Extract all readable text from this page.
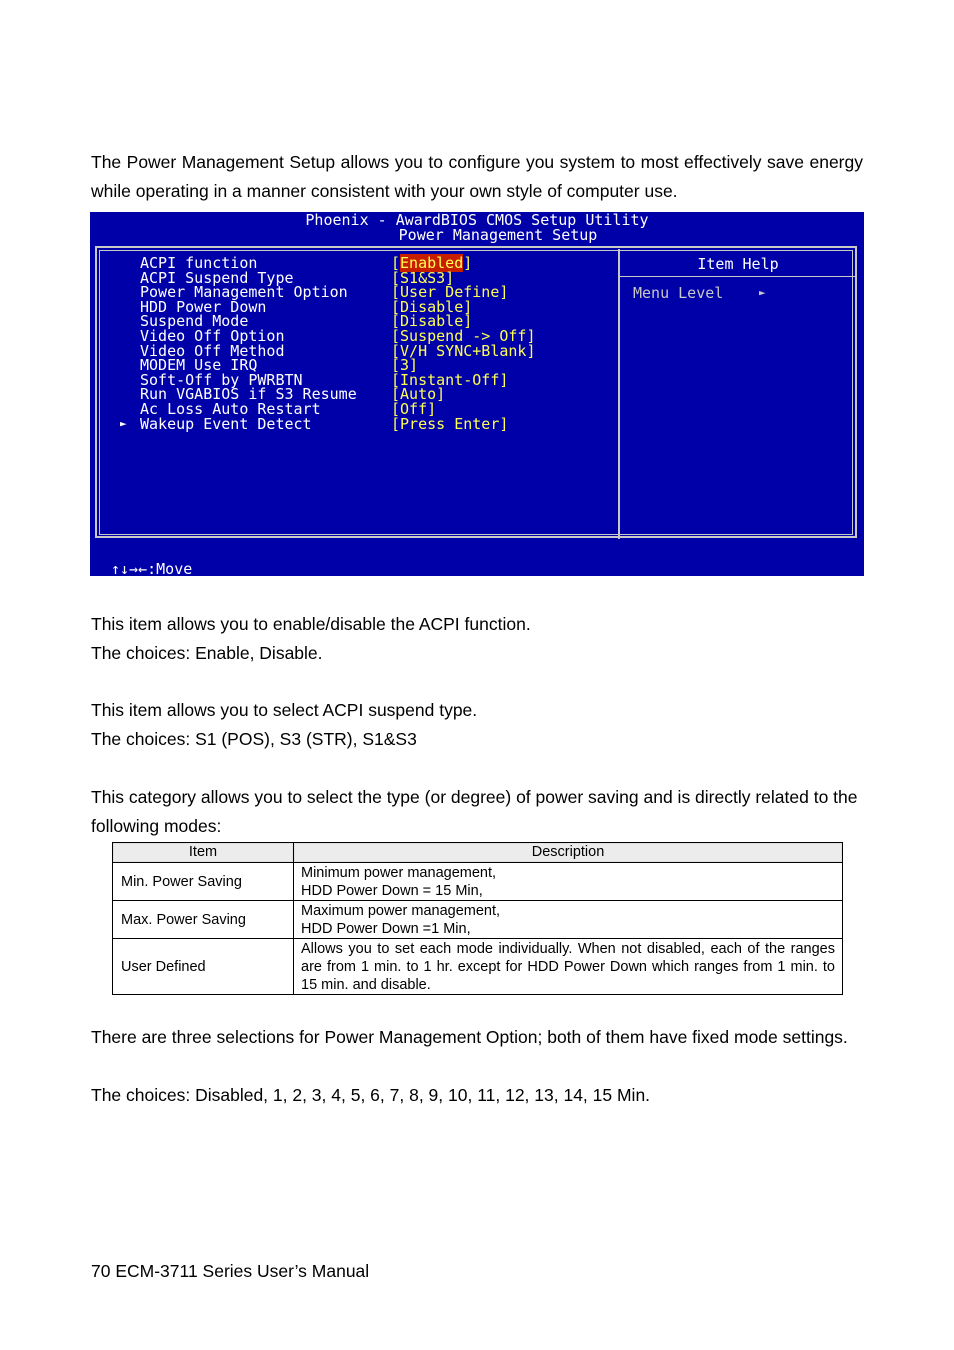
The Power Management Setup allows you to configure you system to most effectively save energy while operating in a manner consistent with your own style of computer use.

Phoenix - AwardBIOS CMOS Setup Utility
Power Management Setup
ACPI function	[Enabled]
ACPI Suspend Type	[S1&S3]
Power Management Option	[User Define]
HDD Power Down	[Disable]
Suspend Mode	[Disable]
Video Off Option	[Suspend -> Off]
Video Off Method	[V/H SYNC+Blank]
MODEM Use IRQ	[3]
Soft-Off by PWRBTN	[Instant-Off]
Run VGABIOS if S3 Resume [Auto]
Ac Loss Auto Restart	[Off]
► Wakeup Event Detect	[Press Enter]
Item Help
Menu Level	►

↑↓→←:Move

This item allows you to enable/disable the ACPI function.

The choices: Enable, Disable.

This item allows you to select ACPI suspend type.

The choices: S1 (POS), S3 (STR), S1&S3

This category allows you to select the type (or degree) of power saving and is directly related to the following modes:

Item	Description

Min. Power Saving	Minimum power management,
HDD Power Down = 15 Min,

Max. Power Saving	Maximum power management,
HDD Power Down =1 Min,

User Defined	Allows you to set each mode individually. When not disabled, each of the ranges are from 1 min. to 1 hr. except for HDD Power Down which ranges from 1 min. to 15 min. and disable.

There are three selections for Power Management Option; both of them have fixed mode settings.

The choices: Disabled, 1, 2, 3, 4, 5, 6, 7, 8, 9, 10, 11, 12, 13, 14, 15 Min.

70 ECM-3711 Series User’s Manual
